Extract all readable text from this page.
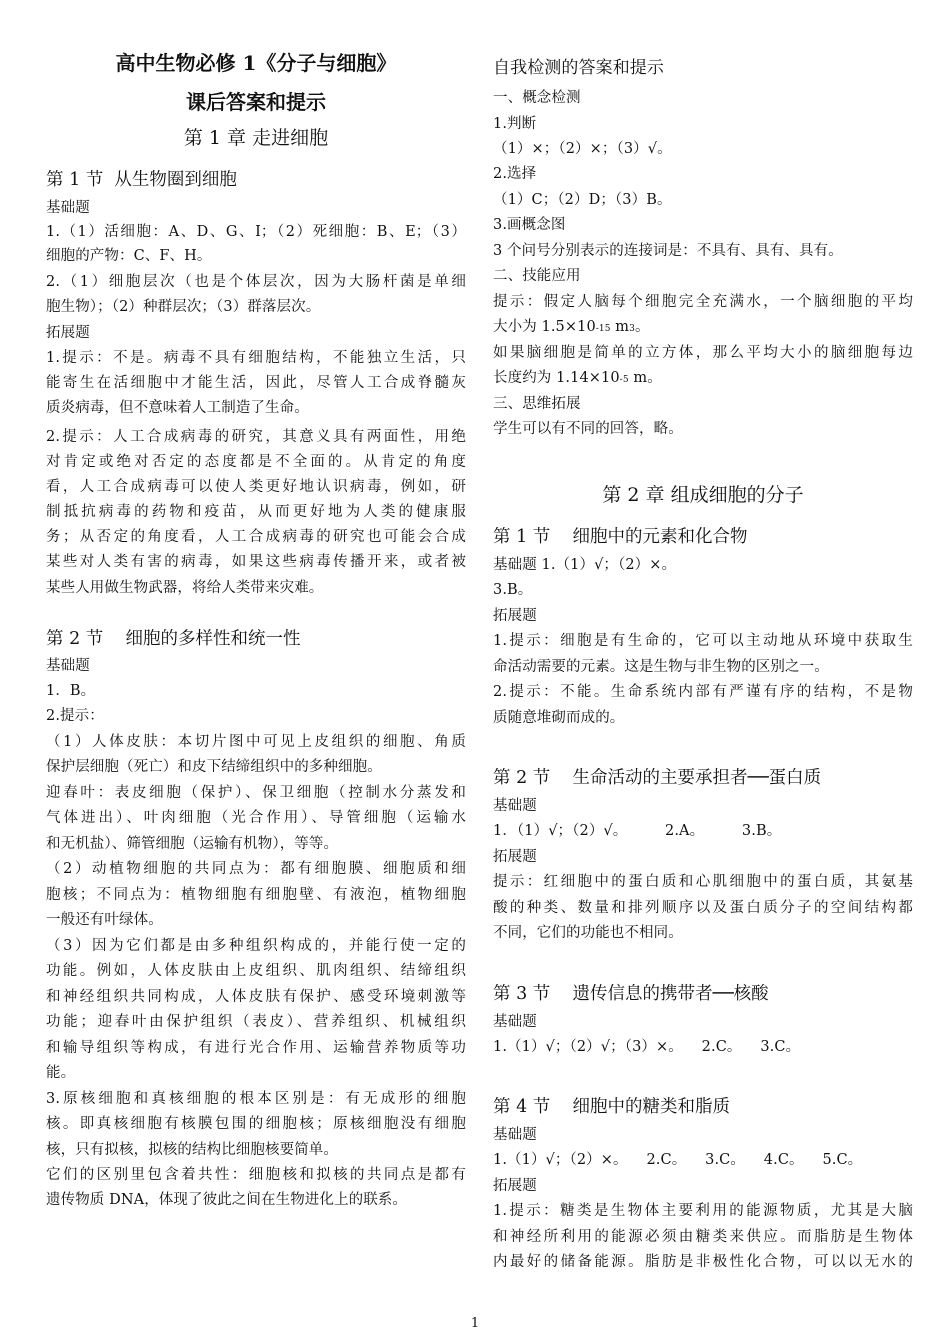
高中生物必修 1《分子与细胞》
课后答案和提示
第 1 章 走进细胞
第 1 节 从生物圈到细胞
基础题
1.（1）活细胞：A、D、G、I；（2）死细胞：B、E；（3）
细胞的产物：C、F、H。
2.（1）细胞层次（也是个体层次，因为大肠杆菌是单细
胞生物）；（2）种群层次；（3）群落层次。
拓展题
1.提示：不是。病毒不具有细胞结构，不能独立生活，只
能寄生在活细胞中才能生活，因此，尽管人工合成脊髓灰
质炎病毒，但不意味着人工制造了生命。
2.提示：人工合成病毒的研究，其意义具有两面性，用绝
对肯定或绝对否定的态度都是不全面的。从肯定的角度
看，人工合成病毒可以使人类更好地认识病毒，例如，研
制抵抗病毒的药物和疫苗，从而更好地为人类的健康服
务；从否定的角度看，人工合成病毒的研究也可能会合成
某些对人类有害的病毒，如果这些病毒传播开来，或者被
某些人用做生物武器，将给人类带来灾难。
第 2 节 细胞的多样性和统一性
基础题
1．B。
2.提示：
（1）人体皮肤：本切片图中可见上皮组织的细胞、角质
保护层细胞（死亡）和皮下结缔组织中的多种细胞。
迎春叶：表皮细胞（保护）、保卫细胞（控制水分蒸发和
气体进出）、叶肉细胞（光合作用）、导管细胞（运输水
和无机盐）、筛管细胞（运输有机物），等等。
（2）动植物细胞的共同点为：都有细胞膜、细胞质和细
胞核；不同点为：植物细胞有细胞壁、有液泡，植物细胞
一般还有叶绿体。
（3）因为它们都是由多种组织构成的，并能行使一定的
功能。例如，人体皮肤由上皮组织、肌肉组织、结缔组织
和神经组织共同构成，人体皮肤有保护、感受环境刺激等
功能；迎春叶由保护组织（表皮）、营养组织、机械组织
和输导组织等构成，有进行光合作用、运输营养物质等功
能。
3.原核细胞和真核细胞的根本区别是：有无成形的细胞
核。即真核细胞有核膜包围的细胞核；原核细胞没有细胞
核，只有拟核，拟核的结构比细胞核要简单。
它们的区别里包含着共性：细胞核和拟核的共同点是都有
遗传物质 DNA，体现了彼此之间在生物进化上的联系。
自我检测的答案和提示
一、概念检测
1.判断
（1）×；（2）×；（3）√。
2.选择
（1）C；（2）D；（3）B。
3.画概念图
3 个问号分别表示的连接词是：不具有、具有、具有。
二、技能应用
提示：假定人脑每个细胞完全充满水，一个脑细胞的平均
大小为 $1.5\times 10^{-15}$ $m^3$。
如果脑细胞是简单的立方体，那么平均大小的脑细胞每边
长度约为 $1.14\times 10^{-5}$ m。
三、思维拓展
学生可以有不同的回答，略。
第 2 章 组成细胞的分子
第 1 节 细胞中的元素和化合物
基础题 1.（1）√；（2）×。
3.B。
拓展题
1.提示：细胞是有生命的，它可以主动地从环境中获取生
命活动需要的元素。这是生物与非生物的区别之一。
2.提示：不能。生命系统内部有严谨有序的结构，不是物
质随意堆砌而成的。
第 2 节 生命活动的主要承担者──蛋白质
基础题
1．（1）√；（2）√。        2.A。        3.B。
拓展题
提示：红细胞中的蛋白质和心肌细胞中的蛋白质，其氨基
酸的种类、数量和排列顺序以及蛋白质分子的空间结构都
不同，它们的功能也不相同。
第 3 节 遗传信息的携带者──核酸
基础题
1.（1）√；（2）√；（3）×。    2.C。    3.C。
第 4 节 细胞中的糖类和脂质
基础题
1.（1）√；（2）×。    2.C。    3.C。    4.C。    5.C。
拓展题
1.提示：糖类是生物体主要利用的能源物质，尤其是大脑
和神经所利用的能源必须由糖类来供应。而脂肪是生物体
内最好的储备能源。脂肪是非极性化合物，可以以无水的
1
